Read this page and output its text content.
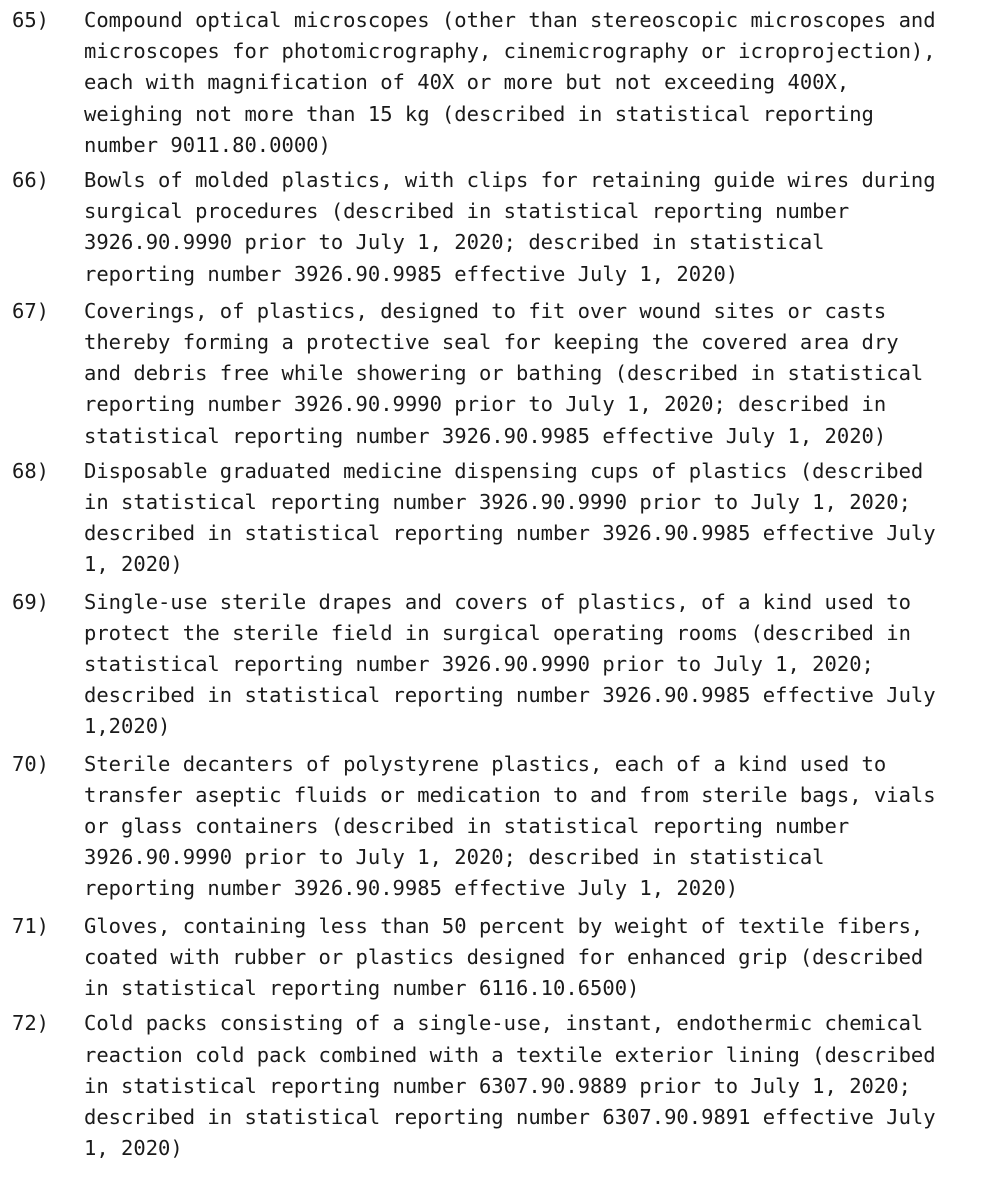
65)	Compound optical microscopes (other than stereoscopic microscopes and
microscopes for photomicrography, cinemicrography or icroprojection),
each with magnification of 40X or more but not exceeding 400X,
weighing not more than 15 kg (described in statistical reporting
number 9011.80.0000)
66)	Bowls of molded plastics, with clips for retaining guide wires during
surgical procedures (described in statistical reporting number
3926.90.9990 prior to July 1, 2020; described in statistical
reporting number 3926.90.9985 effective July 1, 2020)
67)	Coverings, of plastics, designed to fit over wound sites or casts
thereby forming a protective seal for keeping the covered area dry
and debris free while showering or bathing (described in statistical
reporting number 3926.90.9990 prior to July 1, 2020; described in
statistical reporting number 3926.90.9985 effective July 1, 2020)
68)	Disposable graduated medicine dispensing cups of plastics (described
in statistical reporting number 3926.90.9990 prior to July 1, 2020;
described in statistical reporting number 3926.90.9985 effective July
1, 2020)
69)	Single-use sterile drapes and covers of plastics, of a kind used to
protect the sterile field in surgical operating rooms (described in
statistical reporting number 3926.90.9990 prior to July 1, 2020;
described in statistical reporting number 3926.90.9985 effective July
1,2020)
70)	Sterile decanters of polystyrene plastics, each of a kind used to
transfer aseptic fluids or medication to and from sterile bags, vials
or glass containers (described in statistical reporting number
3926.90.9990 prior to July 1, 2020; described in statistical
reporting number 3926.90.9985 effective July 1, 2020)
71)	Gloves, containing less than 50 percent by weight of textile fibers,
coated with rubber or plastics designed for enhanced grip (described
in statistical reporting number 6116.10.6500)
72)	Cold packs consisting of a single-use, instant, endothermic chemical
reaction cold pack combined with a textile exterior lining (described
in statistical reporting number 6307.90.9889 prior to July 1, 2020;
described in statistical reporting number 6307.90.9891 effective July
1, 2020)
